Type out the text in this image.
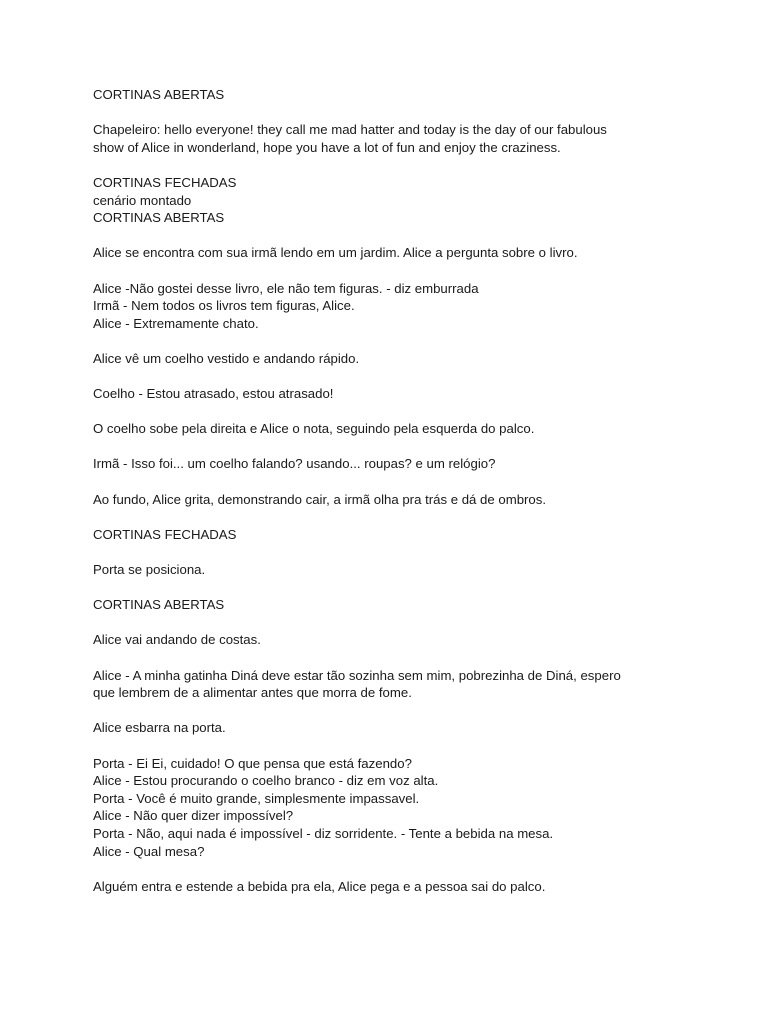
CORTINAS ABERTAS

Chapeleiro: hello everyone! they call me mad hatter and today is the day of our fabulous
show of Alice in wonderland, hope you have a lot of fun and enjoy the craziness.

CORTINAS FECHADAS
cenário montado
CORTINAS ABERTAS

Alice se encontra com sua irmã lendo em um jardim. Alice a pergunta sobre o livro.

Alice -Não gostei desse livro, ele não tem figuras. - diz emburrada
Irmã - Nem todos os livros tem figuras, Alice.
Alice - Extremamente chato.

Alice vê um coelho vestido e andando rápido.

Coelho - Estou atrasado, estou atrasado!

O coelho sobe pela direita e Alice o nota, seguindo pela esquerda do palco.

Irmã - Isso foi... um coelho falando? usando... roupas? e um relógio?

Ao fundo, Alice grita, demonstrando cair, a irmã olha pra trás e dá de ombros.

CORTINAS FECHADAS

Porta se posiciona.

CORTINAS ABERTAS

Alice vai andando de costas.

Alice - A minha gatinha Diná deve estar tão sozinha sem mim, pobrezinha de Diná, espero
que lembrem de a alimentar antes que morra de fome.

Alice esbarra na porta.

Porta - Ei Ei, cuidado! O que pensa que está fazendo?
Alice - Estou procurando o coelho branco - diz em voz alta.
Porta - Você é muito grande, simplesmente impassavel.
Alice - Não quer dizer impossível?
Porta - Não, aqui nada é impossível - diz sorridente. - Tente a bebida na mesa.
Alice - Qual mesa?

Alguém entra e estende a bebida pra ela, Alice pega e a pessoa sai do palco.
